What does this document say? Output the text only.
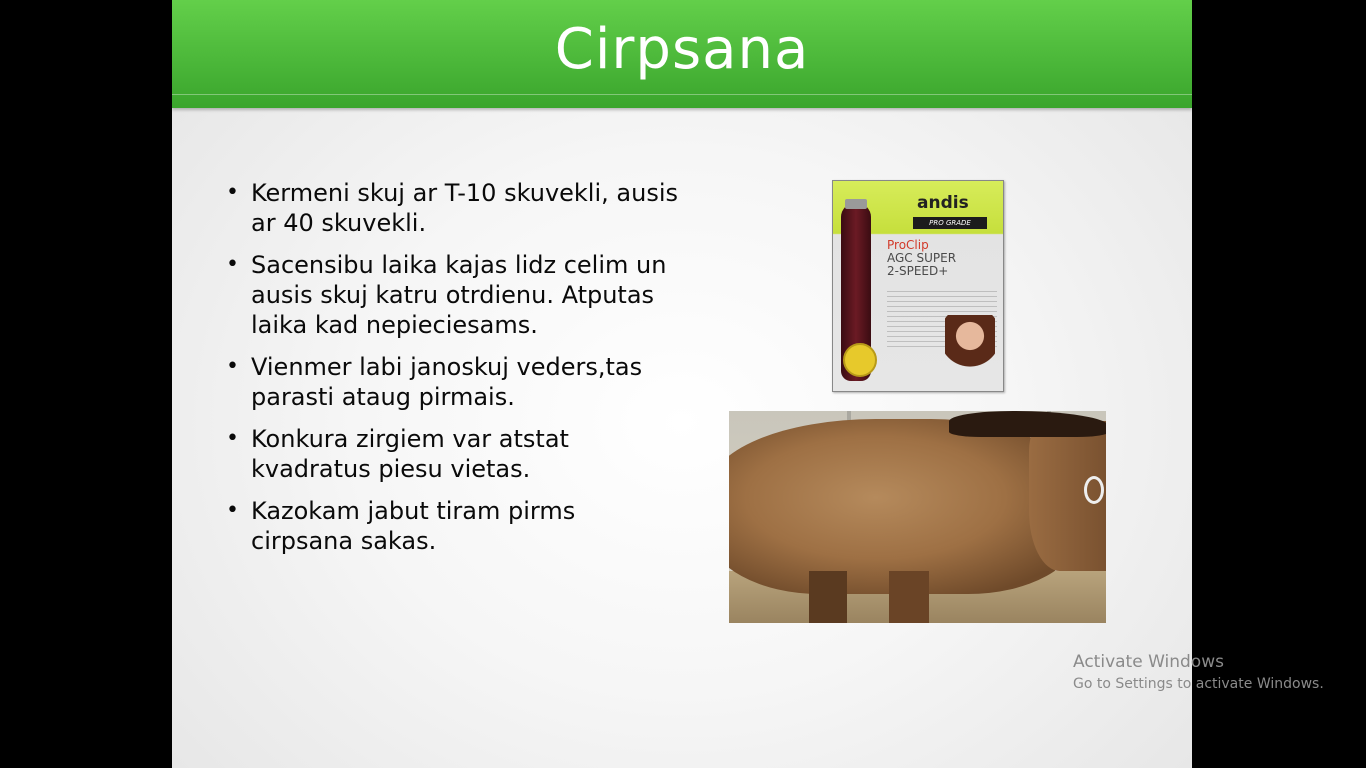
Cirpsana
• Kermeni skuj ar T-10 skuvekli, ausis ar 40 skuvekli.
• Sacensibu laika kajas lidz celim un ausis skuj katru otrdienu. Atputas laika kad nepieciesams.
• Vienmer labi janoskuj veders,tas parasti ataug pirmais.
• Konkura zirgiem var atstat kvadratus piesu vietas.
• Kazokam jabut tiram pirms cirpsana sakas.
andis
PRO GRADE
ProClip
AGC SUPER
2-SPEED+
Activate Windows
Go to Settings to activate Windows.
